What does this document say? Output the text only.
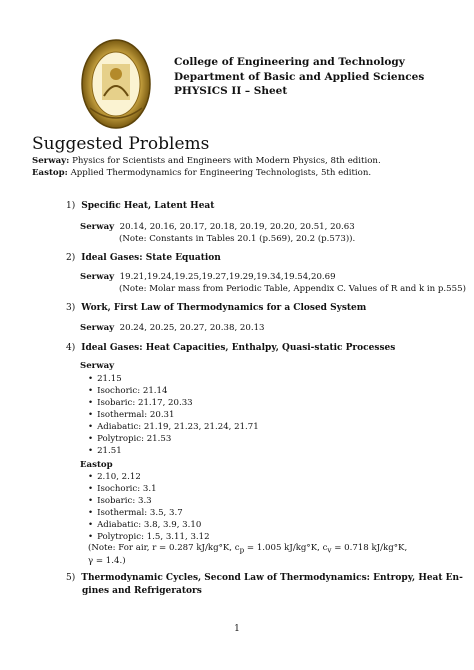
College of Engineering and Technology
Department of Basic and Applied Sciences
PHYSICS II – Sheet
Suggested Problems
Serway: Physics for Scientists and Engineers with Modern Physics, 8th edition.
Eastop: Applied Thermodynamics for Engineering Technologists, 5th edition.
1) Specific Heat, Latent Heat
Serway 20.14, 20.16, 20.17, 20.18, 20.19, 20.20, 20.51, 20.63
(Note: Constants in Tables 20.1 (p.569), 20.2 (p.573)).
2) Ideal Gases: State Equation
Serway 19.21,19.24,19.25,19.27,19.29,19.34,19.54,20.69
(Note: Molar mass from Periodic Table, Appendix C. Values of R and k in p.555)
3) Work, First Law of Thermodynamics for a Closed System
Serway 20.24, 20.25, 20.27, 20.38, 20.13
4) Ideal Gases: Heat Capacities, Enthalpy, Quasi-static Processes
Serway
• 21.15
• Isochoric: 21.14
• Isobaric: 21.17, 20.33
• Isothermal: 20.31
• Adiabatic: 21.19, 21.23, 21.24, 21.71
• Polytropic: 21.53
• 21.51
Eastop
• 2.10, 2.12
• Isochoric: 3.1
• Isobaric: 3.3
• Isothermal: 3.5, 3.7
• Adiabatic: 3.8, 3.9, 3.10
• Polytropic: 1.5, 3.11, 3.12
(Note: For air, r = 0.287 kJ/kg°K, $c_p = 1.005$ kJ/kg°K, $c_v = 0.718$ kJ/kg°K,
γ = 1.4.)
5) Thermodynamic Cycles, Second Law of Thermodynamics: Entropy, Heat En-
gines and Refrigerators
1
